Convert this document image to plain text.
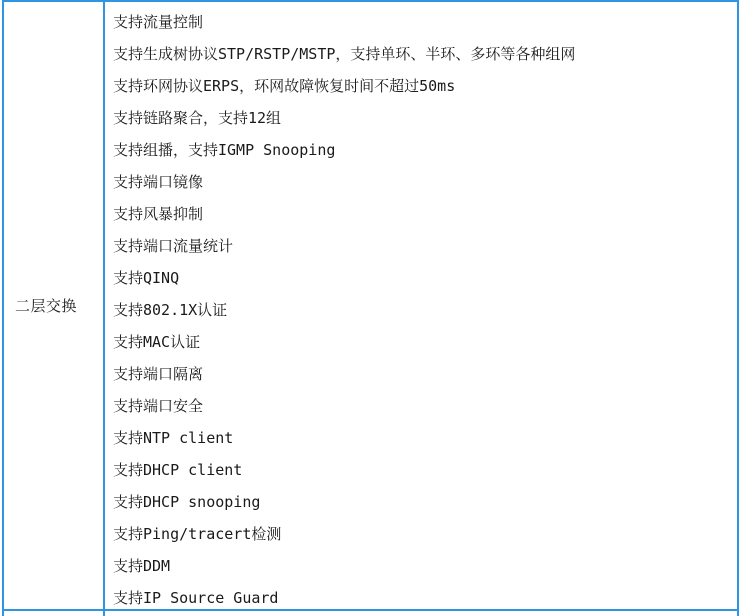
二层交换
支持流量控制
支持生成树协议STP/RSTP/MSTP，支持单环、半环、多环等各种组网
支持环网协议ERPS，环网故障恢复时间不超过50ms
支持链路聚合，支持12组
支持组播，支持IGMP Snooping
支持端口镜像
支持风暴抑制
支持端口流量统计
支持QINQ
支持802.1X认证
支持MAC认证
支持端口隔离
支持端口安全
支持NTP client
支持DHCP client
支持DHCP snooping
支持Ping/tracert检测
支持DDM
支持IP Source Guard
